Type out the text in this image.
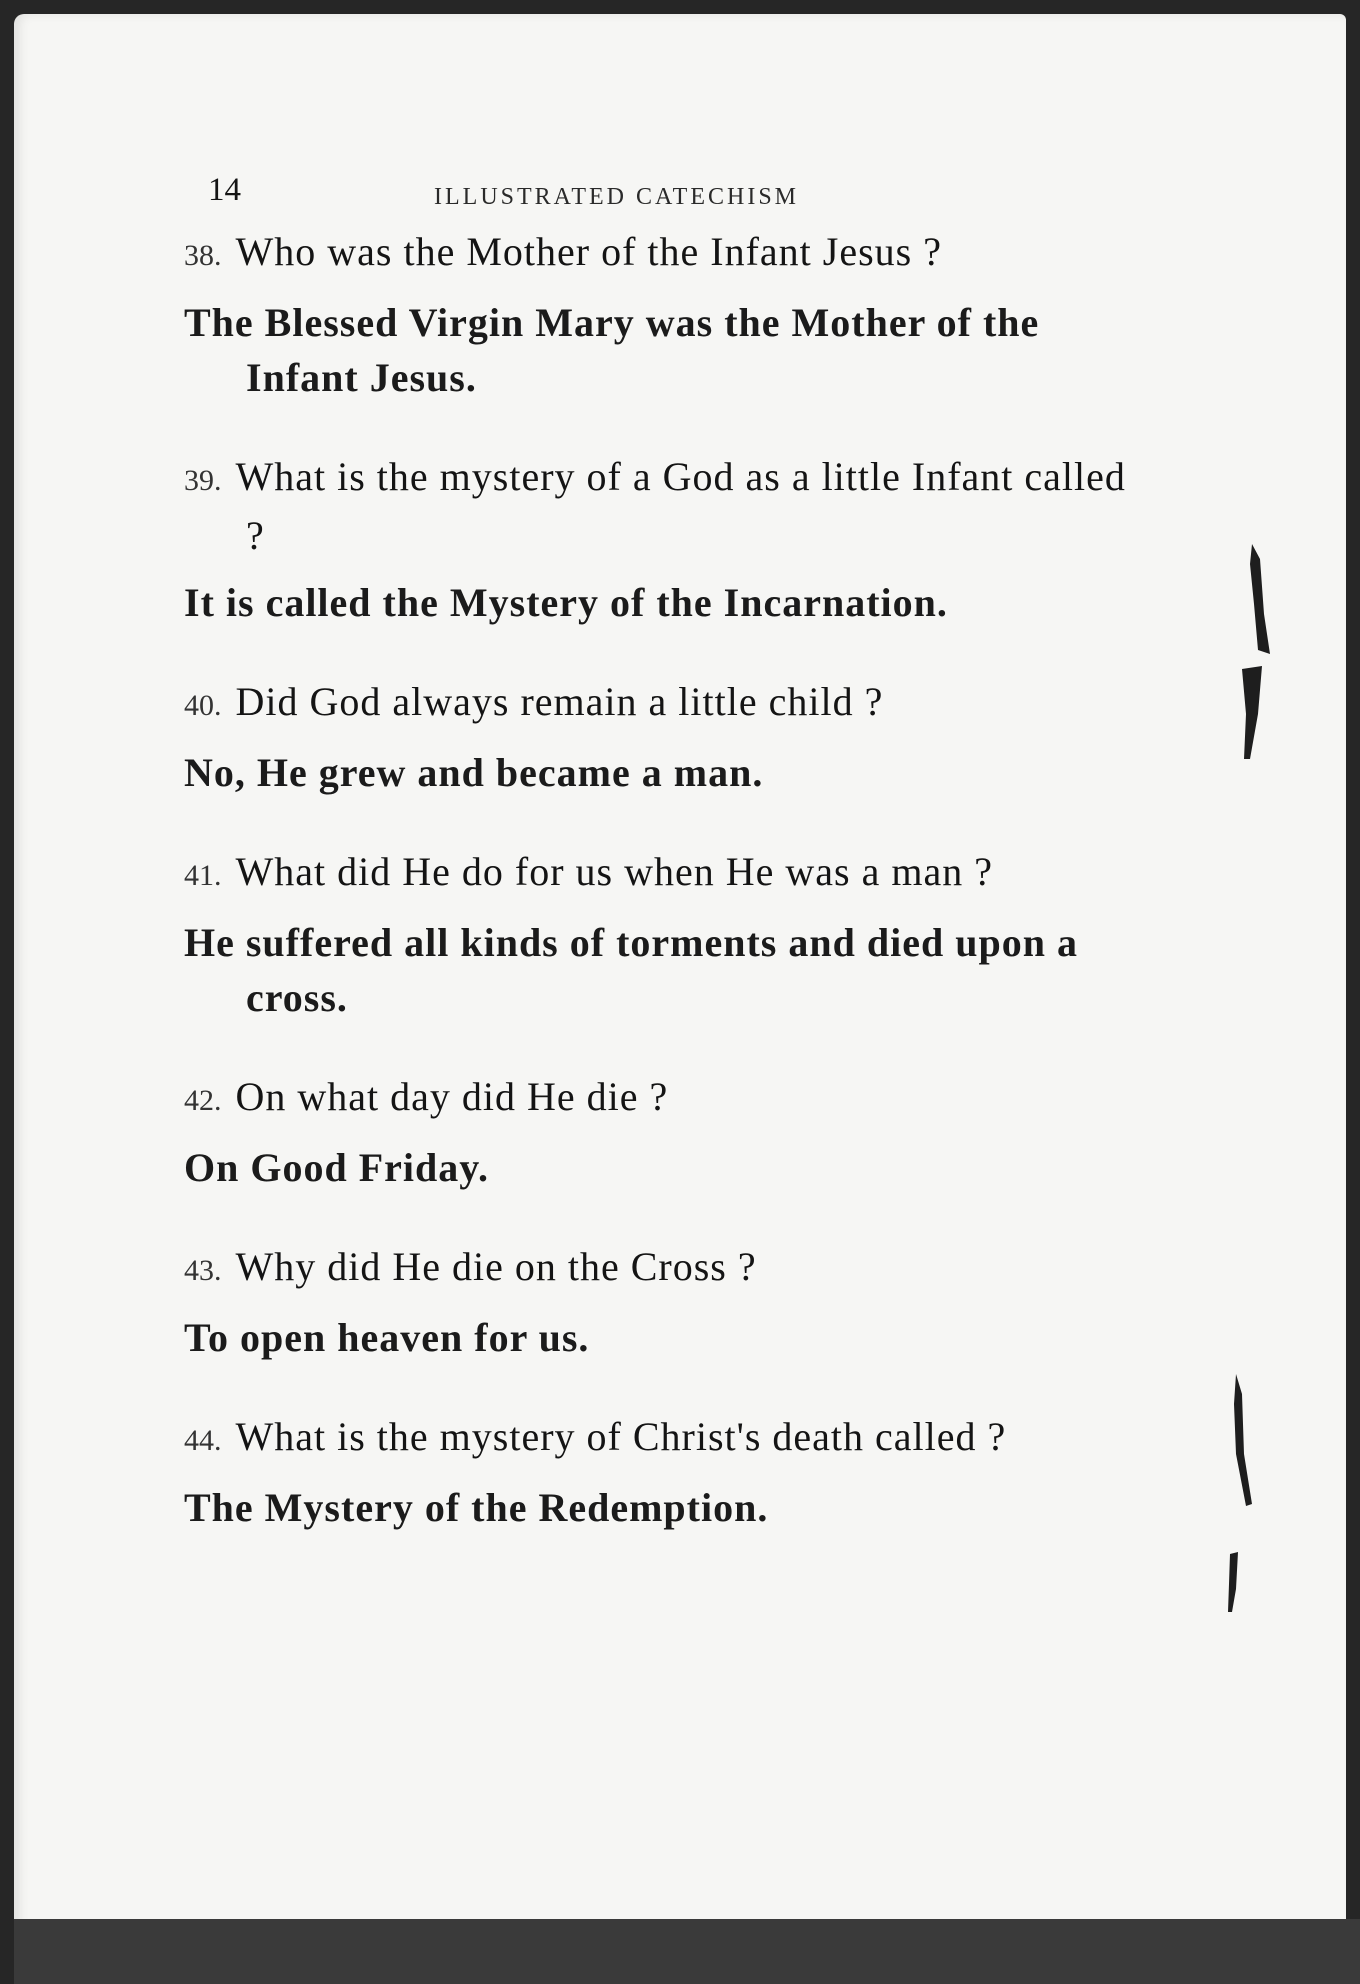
14	ILLUSTRATED CATECHISM
38. Who was the Mother of the Infant Jesus ?
The Blessed Virgin Mary was the Mother of the Infant Jesus.
39. What is the mystery of a God as a little Infant called ?
It is called the Mystery of the Incarnation.
40. Did God always remain a little child ?
No, He grew and became a man.
41. What did He do for us when He was a man ?
He suffered all kinds of torments and died upon a cross.
42. On what day did He die ?
On Good Friday.
43. Why did He die on the Cross ?
To open heaven for us.
44. What is the mystery of Christ's death called ?
The Mystery of the Redemption.
